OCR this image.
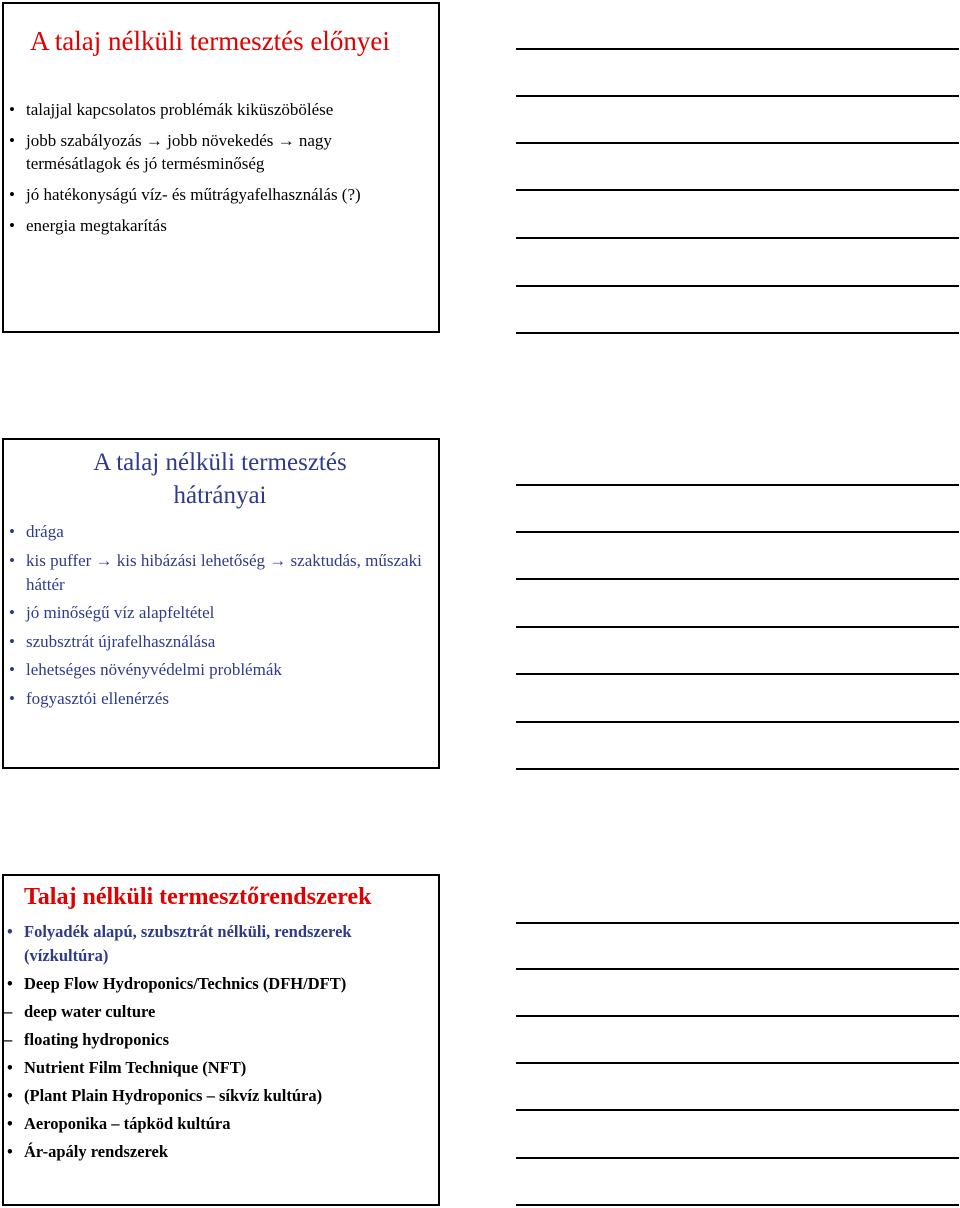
A talaj nélküli termesztés előnyei
• talajjal kapcsolatos problémák kiküszöbölése
• jobb szabályozás → jobb növekedés → nagy termésátlagok és jó termésminőség
• jó hatékonyságú víz- és műtrágyafelhasználás (?)
• energia megtakarítás
A talaj nélküli termesztés
hátrányai
• drága
• kis puffer → kis hibázási lehetőség → szaktudás, műszaki háttér
• jó minőségű víz alapfeltétel
• szubsztrát újrafelhasználása
• lehetséges növényvédelmi problémák
• fogyasztói ellenérzés
Talaj nélküli termesztőrendszerek
• Folyadék alapú, szubsztrát nélküli, rendszerek (vízkultúra)
• Deep Flow Hydroponics/Technics (DFH/DFT)
– deep water culture
– floating hydroponics
• Nutrient Film Technique (NFT)
• (Plant Plain Hydroponics – síkvíz kultúra)
• Aeroponika – tápköd kultúra
• Ár-apály rendszerek
